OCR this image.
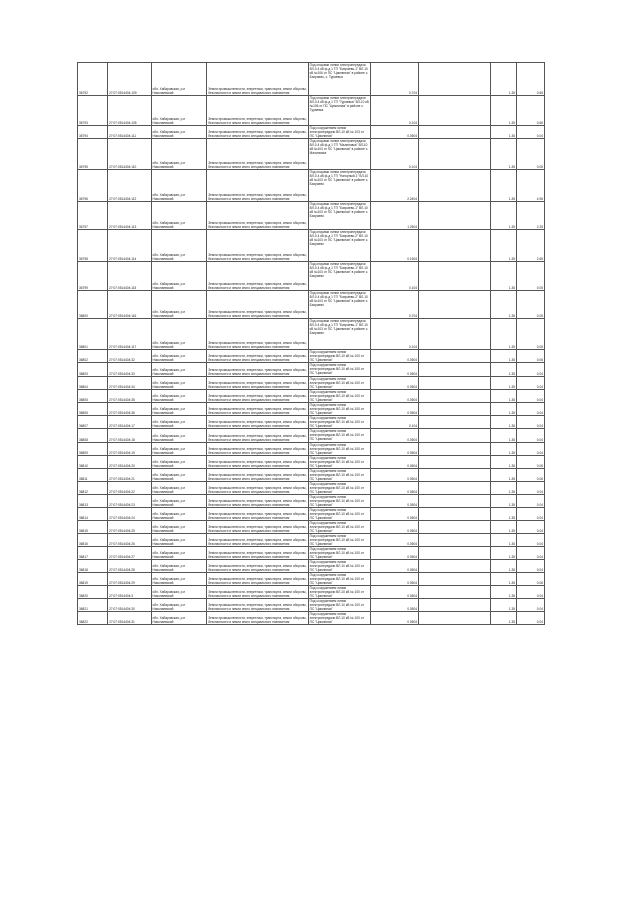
36792	27:07:0514404:109	обл. Хабаровская, р-н Николаевский	Земли промышленности, энергетики, транспорта, земли обороны, безопасности и земли иного специального назначения	Под опорами линии электропередачи ВЛ-0.4 кВ ф-д 1 ТП "Бахраево-1" ВЛ-10 кВ №106 от ПС "Цимлиная" в районе с. Бахраево, с. Тураевка	0.704		1.35	0.65
36793	27:07:0514404:105	обл. Хабаровская, р-н Николаевский	Земли промышленности, энергетики, транспорта, земли обороны, безопасности и земли иного специального назначения	Под опорами линии электропередачи ВЛ-0.4 кВ ф-д 1 ТП "Тураевка" ВЛ-10 кВ №106 от ПС "Цимлиная" в районе с. Тураевка	0.104		1.35	0.66
36794	27:07:0514404:111	обл. Хабаровская, р-н Николаевский	Земли промышленности, энергетики, транспорта, земли обороны, безопасности и земли иного специального назначения	Под сооружением линии электропередачи ВЛ-10 кВ № 103 от ПС "Цимлиная"	0.0504		1.35	0.04
36795	27:07:0514404:110	обл. Хабаровская, р-н Николаевский	Земли промышленности, энергетики, транспорта, земли обороны, безопасности и земли иного специального назначения	Под опорами линии электропередачи ВЛ-0.4 кВ ф-д 1 ТП "Малиновка" ВЛ-10 кВ №103 от ПС "Цимлиная" в районе с. Малиновка	0.104		1.35	0.05
36796	27:07:0514404:112	обл. Хабаровская, р-н Николаевский	Земли промышленности, энергетики, транспорта, земли обороны, безопасности и земли иного специального назначения	Под опорами линии электропередачи ВЛ-0.4 кВ ф-д 1 ТП "Нагорный-1" ВЛ-10 кВ №103 от ПС "Цимлиная" в районе с. Бахраево	2.2404		1.35	4.96
36797	27:07:0514404:113	обл. Хабаровская, р-н Николаевский	Земли промышленности, энергетики, транспорта, земли обороны, безопасности и земли иного специального назначения	Под опорами линии электропередачи ВЛ-0.4 кВ ф-д 1 ТП "Бахраево-1" ВЛ-10 кВ №103 от ПС "Цимлиная" в районе с. Бахраево	1.2504		1.35	2.25
36798	27:07:0514404:114	обл. Хабаровская, р-н Николаевский	Земли промышленности, энергетики, транспорта, земли обороны, безопасности и земли иного специального назначения	Под опорами линии электропередачи ВЛ-0.4 кВ ф-д 1 ТП "Бахраево-2" ВЛ-10 кВ №103 от ПС "Цимлиная" в районе с. Бахраево	0.1504		1.35	2.65
36799	27:07:0514404:115	обл. Хабаровская, р-н Николаевский	Земли промышленности, энергетики, транспорта, земли обороны, безопасности и земли иного специального назначения	Под опорами линии электропередачи ВЛ-0.4 кВ ф-д 1 ТП "Бахраево-1" ВЛ-10 кВ №103 от ПС "Цимлиная" в районе с. Бахраево	0.104		1.35	0.05
36800	27:07:0514404:116	обл. Хабаровская, р-н Николаевский	Земли промышленности, энергетики, транспорта, земли обороны, безопасности и земли иного специального назначения	Под опорами линии электропередачи ВЛ-0.4 кВ ф-д 1 ТП "Бахраево-2" ВЛ-10 кВ №103 от ПС "Цимлиная" в районе с. Бахраево	0.704		1.35	0.05
36801	27:07:0514404:117	обл. Хабаровская, р-н Николаевский	Земли промышленности, энергетики, транспорта, земли обороны, безопасности и земли иного специального назначения	Под опорами линии электропередачи ВЛ-0.4 кВ ф-д 1 ТП "Бахраево-1" ВЛ-10 кВ №103 от ПС "Цимлиная" в районе с. Бахраево	0.104		1.35	0.05
36802	27:07:0514404:32	обл. Хабаровская, р-н Николаевский	Земли промышленности, энергетики, транспорта, земли обороны, безопасности и земли иного специального назначения	Под сооружением линии электропередачи ВЛ-10 кВ № 100 от ПС "Цимлиная"	0.0504		1.35	0.06
36803	27:07:0514404:33	обл. Хабаровская, р-н Николаевский	Земли промышленности, энергетики, транспорта, земли обороны, безопасности и земли иного специального назначения	Под сооружением линии электропередачи ВЛ-10 кВ № 100 от ПС "Цимлиная"	0.0504		1.35	0.04
36804	27:07:0514404:34	обл. Хабаровская, р-н Николаевский	Земли промышленности, энергетики, транспорта, земли обороны, безопасности и земли иного специального назначения	Под сооружением линии электропередачи ВЛ-10 кВ № 100 от ПС "Цимлиная"	0.0504		1.35	0.04
36805	27:07:0514404:35	обл. Хабаровская, р-н Николаевский	Земли промышленности, энергетики, транспорта, земли обороны, безопасности и земли иного специального назначения	Под сооружением линии электропередачи ВЛ-10 кВ № 100 от ПС "Цимлиная"	0.0504		1.35	0.04
36806	27:07:0514404:36	обл. Хабаровская, р-н Николаевский	Земли промышленности, энергетики, транспорта, земли обороны, безопасности и земли иного специального назначения	Под сооружением линии электропередачи ВЛ-10 кВ № 100 от ПС "Цимлиная"	0.0504		1.35	0.04
36807	27:07:0514404:17	обл. Хабаровская, р-н Николаевский	Земли промышленности, энергетики, транспорта, земли обороны, безопасности и земли иного специального назначения	Под сооружением линии электропередачи ВЛ-10 кВ № 100 от ПС "Цимлиная"	0.104		1.35	0.04
36808	27:07:0514404:18	обл. Хабаровская, р-н Николаевский	Земли промышленности, энергетики, транспорта, земли обороны, безопасности и земли иного специального назначения	Под сооружением линии электропередачи ВЛ-10 кВ № 100 от ПС "Цимлиная"	0.0504		1.35	0.04
36809	27:07:0514404:19	обл. Хабаровская, р-н Николаевский	Земли промышленности, энергетики, транспорта, земли обороны, безопасности и земли иного специального назначения	Под сооружением линии электропередачи ВЛ-10 кВ № 100 от ПС "Цимлиная"	0.0504		1.35	0.04
36810	27:07:0514404:20	обл. Хабаровская, р-н Николаевский	Земли промышленности, энергетики, транспорта, земли обороны, безопасности и земли иного специального назначения	Под сооружением линии электропередачи ВЛ-10 кВ № 100 от ПС "Цимлиная"	0.0504		1.35	0.06
36811	27:07:0514404:21	обл. Хабаровская, р-н Николаевский	Земли промышленности, энергетики, транспорта, земли обороны, безопасности и земли иного специального назначения	Под сооружением линии электропередачи ВЛ-10 кВ № 100 от ПС "Цимлиная"	0.0504		1.35	0.06
36812	27:07:0514404:22	обл. Хабаровская, р-н Николаевский	Земли промышленности, энергетики, транспорта, земли обороны, безопасности и земли иного специального назначения	Под сооружением линии электропередачи ВЛ-10 кВ № 100 от ПС "Цимлиная"	0.0504		1.35	0.04
36813	27:07:0514404:23	обл. Хабаровская, р-н Николаевский	Земли промышленности, энергетики, транспорта, земли обороны, безопасности и земли иного специального назначения	Под сооружением линии электропередачи ВЛ-10 кВ № 100 от ПС "Цимлиная"	0.0504		1.35	0.04
36814	27:07:0514404:24	обл. Хабаровская, р-н Николаевский	Земли промышленности, энергетики, транспорта, земли обороны, безопасности и земли иного специального назначения	Под сооружением линии электропередачи ВЛ-10 кВ № 100 от ПС "Цимлиная"	0.0504		1.35	0.04
36815	27:07:0514404:25	обл. Хабаровская, р-н Николаевский	Земли промышленности, энергетики, транспорта, земли обороны, безопасности и земли иного специального назначения	Под сооружением линии электропередачи ВЛ-10 кВ № 100 от ПС "Цимлиная"	0.0504		1.35	0.04
36816	27:07:0514404:26	обл. Хабаровская, р-н Николаевский	Земли промышленности, энергетики, транспорта, земли обороны, безопасности и земли иного специального назначения	Под сооружением линии электропередачи ВЛ-10 кВ № 100 от ПС "Цимлиная"	0.0504		1.35	0.04
36817	27:07:0514404:27	обл. Хабаровская, р-н Николаевский	Земли промышленности, энергетики, транспорта, земли обороны, безопасности и земли иного специального назначения	Под сооружением линии электропередачи ВЛ-10 кВ № 100 от ПС "Цимлиная"	0.0504		1.35	0.04
36818	27:07:0514404:28	обл. Хабаровская, р-н Николаевский	Земли промышленности, энергетики, транспорта, земли обороны, безопасности и земли иного специального назначения	Под сооружением линии электропередачи ВЛ-10 кВ № 100 от ПС "Цимлиная"	0.0504		1.35	0.04
36819	27:07:0514404:29	обл. Хабаровская, р-н Николаевский	Земли промышленности, энергетики, транспорта, земли обороны, безопасности и земли иного специального назначения	Под сооружением линии электропередачи ВЛ-10 кВ № 100 от ПС "Цимлиная"	0.0504		1.35	0.06
36820	27:07:0514404:3	обл. Хабаровская, р-н Николаевский	Земли промышленности, энергетики, транспорта, земли обороны, безопасности и земли иного специального назначения	Под сооружением линии электропередачи ВЛ-10 кВ № 100 от ПС "Цимлиная"	0.0504		1.35	0.04
36821	27:07:0514404:30	обл. Хабаровская, р-н Николаевский	Земли промышленности, энергетики, транспорта, земли обороны, безопасности и земли иного специального назначения	Под сооружением линии электропередачи ВЛ-10 кВ № 100 от ПС "Цимлиная"	0.0504		1.35	0.04
36822	27:07:0514404:31	обл. Хабаровская, р-н Николаевский	Земли промышленности, энергетики, транспорта, земли обороны, безопасности и земли иного специального назначения	Под сооружением линии электропередачи ВЛ-10 кВ № 100 от ПС "Цимлиная"	0.0504		1.35	0.04
